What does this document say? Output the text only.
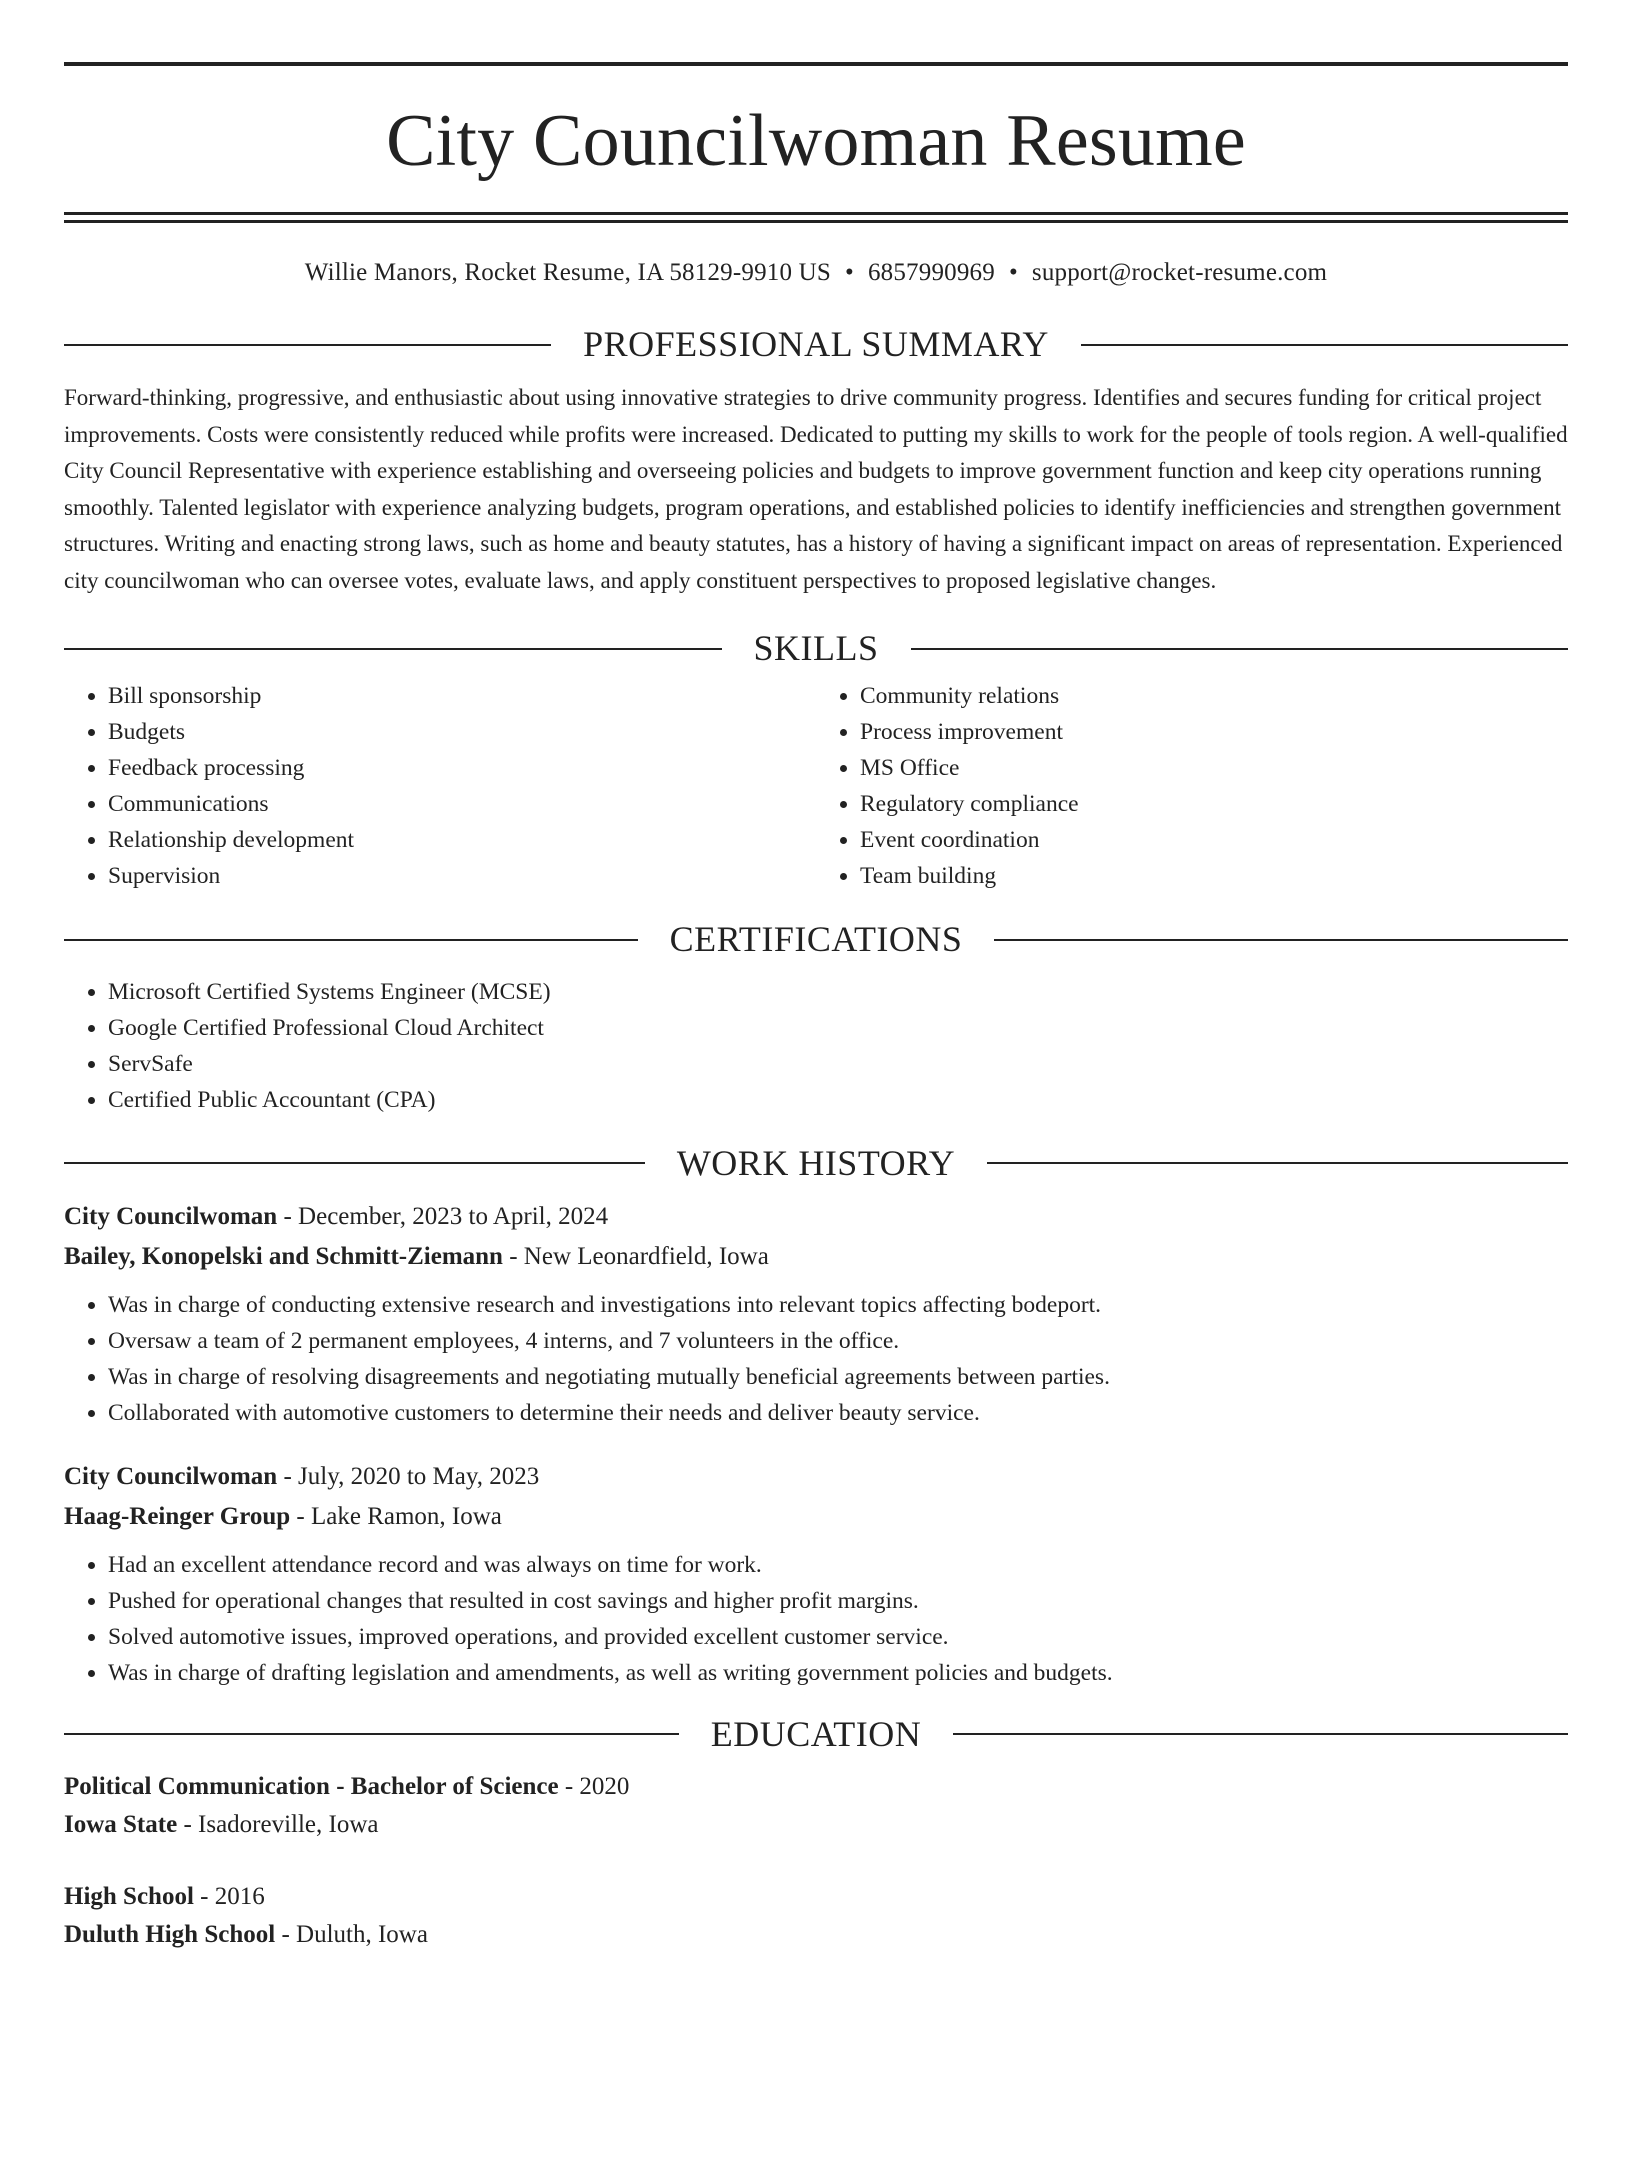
City Councilwoman Resume
Willie Manors, Rocket Resume, IA 58129-9910 US • 6857990969 • support@rocket-resume.com
PROFESSIONAL SUMMARY

Forward-thinking, progressive, and enthusiastic about using innovative strategies to drive community progress. Identifies and secures funding for critical project improvements. Costs were consistently reduced while profits were increased. Dedicated to putting my skills to work for the people of tools region. A well-qualified City Council Representative with experience establishing and overseeing policies and budgets to improve government function and keep city operations running smoothly. Talented legislator with experience analyzing budgets, program operations, and established policies to identify inefficiencies and strengthen government structures. Writing and enacting strong laws, such as home and beauty statutes, has a history of having a significant impact on areas of representation. Experienced city councilwoman who can oversee votes, evaluate laws, and apply constituent perspectives to proposed legislative changes.

SKILLS
• Bill sponsorship
• Budgets
• Feedback processing
• Communications
• Relationship development
• Supervision
• Community relations
• Process improvement
• MS Office
• Regulatory compliance
• Event coordination
• Team building
CERTIFICATIONS
• Microsoft Certified Systems Engineer (MCSE)
• Google Certified Professional Cloud Architect
• ServSafe
• Certified Public Accountant (CPA)
WORK HISTORY
City Councilwoman - December, 2023 to April, 2024
Bailey, Konopelski and Schmitt-Ziemann - New Leonardfield, Iowa
• Was in charge of conducting extensive research and investigations into relevant topics affecting bodeport.
• Oversaw a team of 2 permanent employees, 4 interns, and 7 volunteers in the office.
• Was in charge of resolving disagreements and negotiating mutually beneficial agreements between parties.
• Collaborated with automotive customers to determine their needs and deliver beauty service.
City Councilwoman - July, 2020 to May, 2023
Haag-Reinger Group - Lake Ramon, Iowa
• Had an excellent attendance record and was always on time for work.
• Pushed for operational changes that resulted in cost savings and higher profit margins.
• Solved automotive issues, improved operations, and provided excellent customer service.
• Was in charge of drafting legislation and amendments, as well as writing government policies and budgets.
EDUCATION
Political Communication - Bachelor of Science - 2020
Iowa State - Isadoreville, Iowa
High School - 2016
Duluth High School - Duluth, Iowa
